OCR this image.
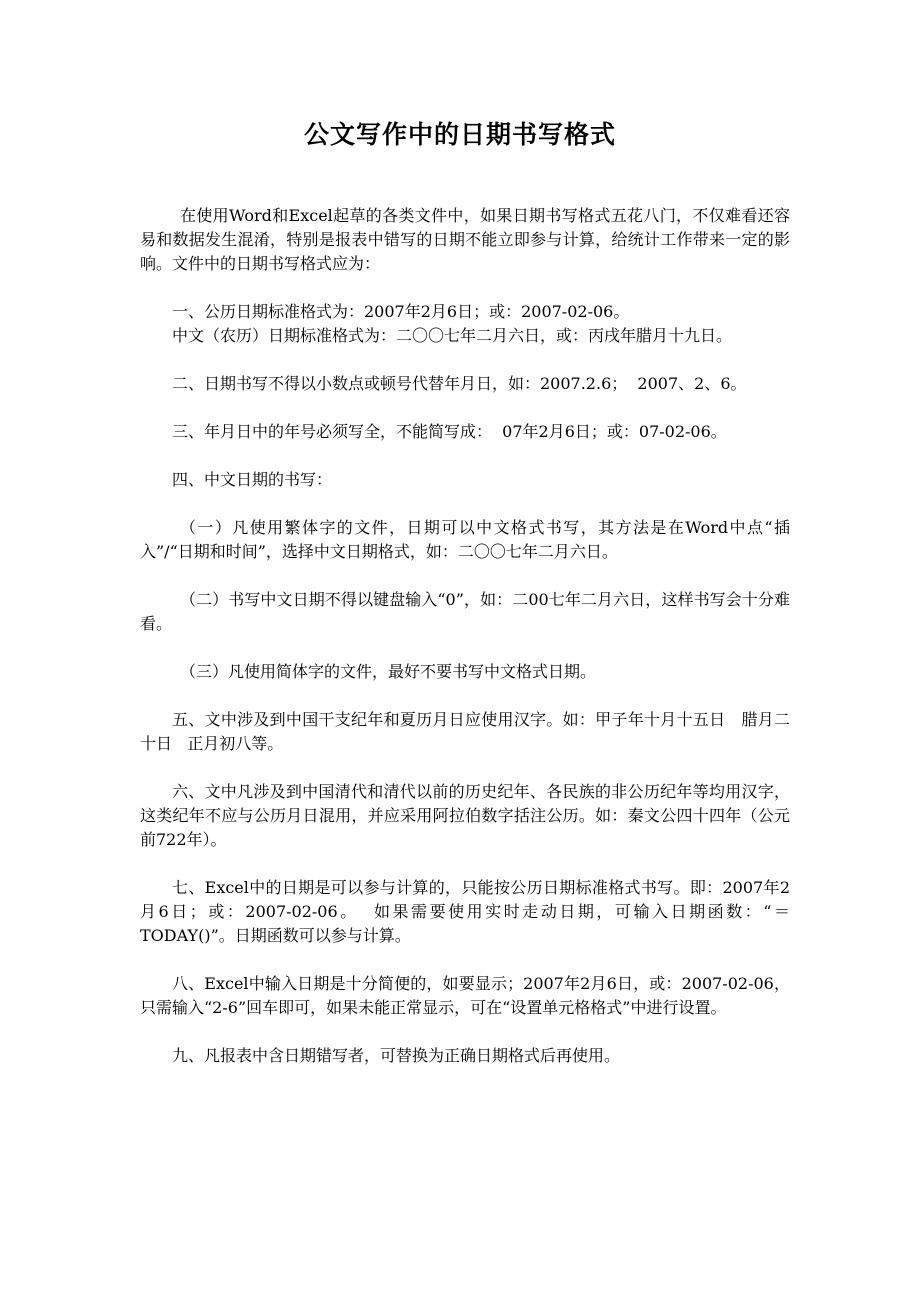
公文写作中的日期书写格式

在使用Word和Excel起草的各类文件中，如果日期书写格式五花八门，不仅难看还容易和数据发生混淆，特别是报表中错写的日期不能立即参与计算，给统计工作带来一定的影响。文件中的日期书写格式应为：

一、公历日期标准格式为：2007年2月6日；或：2007-02-06。

中文（农历）日期标准格式为：二〇〇七年二月六日，或：丙戌年腊月十九日。

二、日期书写不得以小数点或顿号代替年月日，如：2007.2.6；  2007、2、6。

三、年月日中的年号必须写全，不能简写成：  07年2月6日；或：07-02-06。

四、中文日期的书写：

（一）凡使用繁体字的文件，日期可以中文格式书写，其方法是在Word中点“插入”/“日期和时间”，选择中文日期格式，如：二〇〇七年二月六日。

（二）书写中文日期不得以键盘输入“0”，如：二00七年二月六日，这样书写会十分难看。

（三）凡使用简体字的文件，最好不要书写中文格式日期。

五、文中涉及到中国干支纪年和夏历月日应使用汉字。如：甲子年十月十五日   腊月二十日   正月初八等。

六、文中凡涉及到中国清代和清代以前的历史纪年、各民族的非公历纪年等均用汉字，这类纪年不应与公历月日混用，并应采用阿拉伯数字括注公历。如：秦文公四十四年（公元前722年）。

七、Excel中的日期是可以参与计算的，只能按公历日期标准格式书写。即：2007年2月6日；或：2007-02-06。  如果需要使用实时走动日期，可输入日期函数：“＝TODAY()”。日期函数可以参与计算。

八、Excel中输入日期是十分简便的，如要显示；2007年2月6日，或：2007-02-06，只需输入“2-6”回车即可，如果未能正常显示，可在“设置单元格格式”中进行设置。

九、凡报表中含日期错写者，可替换为正确日期格式后再使用。
